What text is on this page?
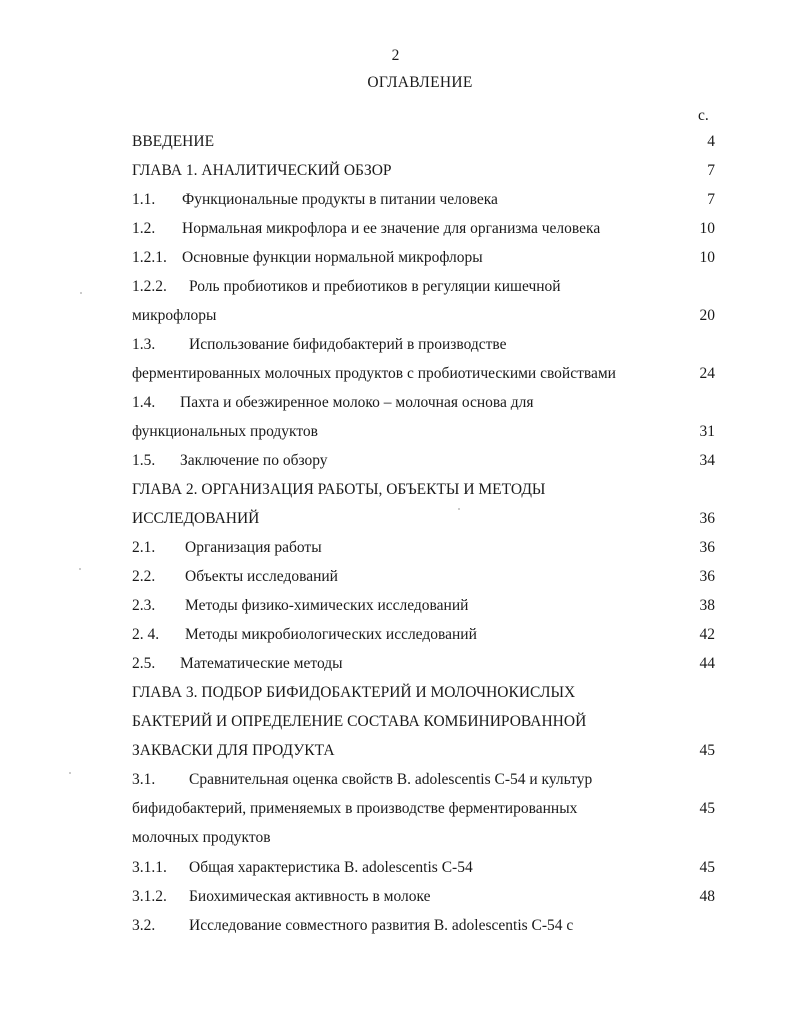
2
ОГЛАВЛЕНИЕ
с.
ВВЕДЕНИЕ	4
ГЛАВА 1. АНАЛИТИЧЕСКИЙ ОБЗОР	7
1.1. Функциональные продукты в питании человека	7
1.2. Нормальная микрофлора и ее значение для организма человека	10
1.2.1. Основные функции нормальной микрофлоры	10
1.2.2. Роль пробиотиков и пребиотиков в регуляции кишечной
микрофлоры	20
1.3. Использование бифидобактерий в производстве
ферментированных молочных продуктов с пробиотическими свойствами	24
1.4. Пахта и обезжиренное молоко – молочная основа для
функциональных продуктов	31
1.5. Заключение по обзору	34
ГЛАВА 2. ОРГАНИЗАЦИЯ РАБОТЫ, ОБЪЕКТЫ И МЕТОДЫ
ИССЛЕДОВАНИЙ	36
2.1. Организация работы	36
2.2. Объекты исследований	36
2.3. Методы физико-химических исследований	38
2. 4. Методы микробиологических исследований	42
2.5. Математические методы	44
ГЛАВА 3. ПОДБОР БИФИДОБАКТЕРИЙ И МОЛОЧНОКИСЛЫХ
БАКТЕРИЙ И ОПРЕДЕЛЕНИЕ СОСТАВА КОМБИНИРОВАННОЙ
ЗАКВАСКИ ДЛЯ ПРОДУКТА	45
3.1. Сравнительная оценка свойств B. adolescentis С-54 и культур
бифидобактерий, применяемых в производстве ферментированных	45
молочных продуктов
3.1.1. Общая характеристика B. adolescentis С-54	45
3.1.2. Биохимическая активность в молоке	48
3.2. Исследование совместного развития B. adolescentis С-54 с
